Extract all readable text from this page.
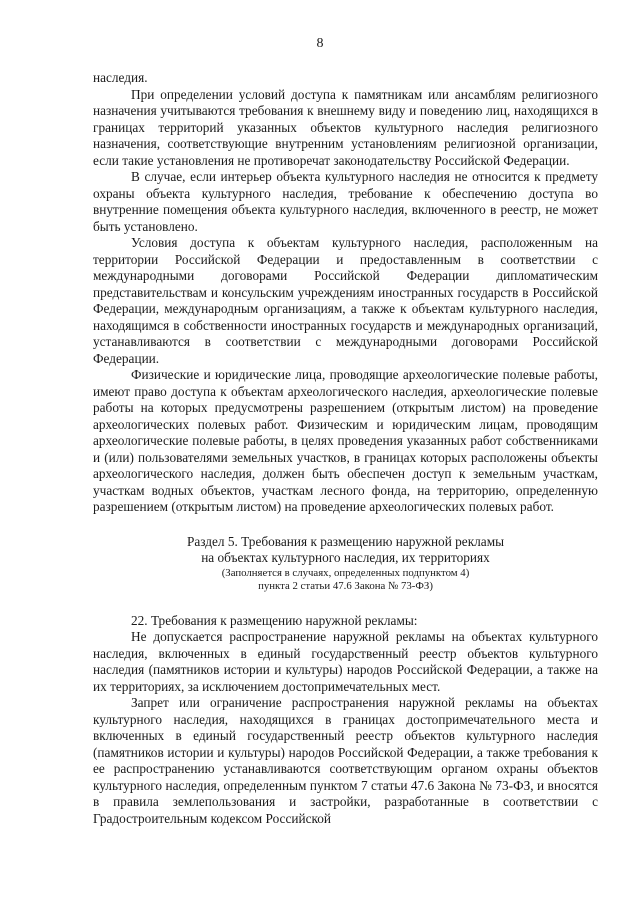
8

наследия.

При определении условий доступа к памятникам или ансамблям религиозного назначения учитываются требования к внешнему виду и поведению лиц, находящихся в границах территорий указанных объектов культурного наследия религиозного назначения, соответствующие внутренним установлениям религиозной организации, если такие установления не противоречат законодательству Российской Федерации.

В случае, если интерьер объекта культурного наследия не относится к предмету охраны объекта культурного наследия, требование к обеспечению доступа во внутренние помещения объекта культурного наследия, включенного в реестр, не может быть установлено.

Условия доступа к объектам культурного наследия, расположенным на территории Российской Федерации и предоставленным в соответствии с международными договорами Российской Федерации дипломатическим представительствам и консульским учреждениям иностранных государств в Российской Федерации, международным организациям, а также к объектам культурного наследия, находящимся в собственности иностранных государств и международных организаций, устанавливаются в соответствии с международными договорами Российской Федерации.

Физические и юридические лица, проводящие археологические полевые работы, имеют право доступа к объектам археологического наследия, археологические полевые работы на которых предусмотрены разрешением (открытым листом) на проведение археологических полевых работ. Физическим и юридическим лицам, проводящим археологические полевые работы, в целях проведения указанных работ собственниками и (или) пользователями земельных участков, в границах которых расположены объекты археологического наследия, должен быть обеспечен доступ к земельным участкам, участкам водных объектов, участкам лесного фонда, на территорию, определенную разрешением (открытым листом) на проведение археологических полевых работ.

Раздел 5. Требования к размещению наружной рекламы
на объектах культурного наследия, их территориях
(Заполняется в случаях, определенных подпунктом 4)
пункта 2 статьи 47.6 Закона № 73-ФЗ)

22. Требования к размещению наружной рекламы:

Не допускается распространение наружной рекламы на объектах культурного наследия, включенных в единый государственный реестр объектов культурного наследия (памятников истории и культуры) народов Российской Федерации, а также на их территориях, за исключением достопримечательных мест.

Запрет или ограничение распространения наружной рекламы на объектах культурного наследия, находящихся в границах достопримечательного места и включенных в единый государственный реестр объектов культурного наследия (памятников истории и культуры) народов Российской Федерации, а также требования к ее распространению устанавливаются соответствующим органом охраны объектов культурного наследия, определенным пунктом 7 статьи 47.6 Закона № 73-ФЗ, и вносятся в правила землепользования и застройки, разработанные в соответствии с Градостроительным кодексом Российской
